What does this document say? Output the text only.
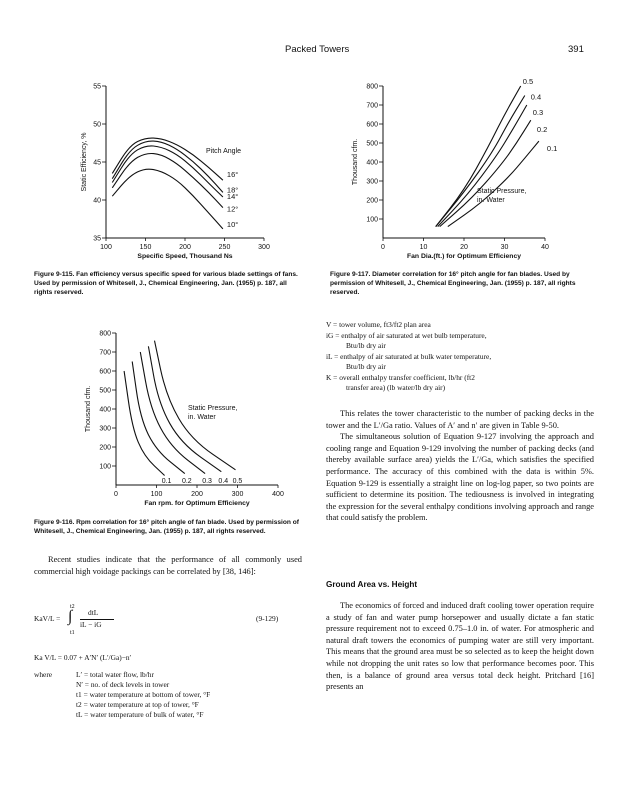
Packed Towers	391
35
40
45
50
55
100	150	200	250	300
Specific Speed, Thousand Ns
Static Efficiency, %	16°
18°
14°
12°
10°
Pitch Angle
Figure 9-115. Fan efficiency versus specific speed for various blade settings of fans. Used by permission of Whitesell, J., Chemical Engineering, Jan. (1955) p. 187, all rights reserved.
100
200
300
400
500
600
700
800
0	10	20	30	40
Fan Dia.(ft.) for Optimum Efficiency
Thousand cfm.
0.5
0.4
0.3
0.2
0.1
Static Pressure, in. Water
Figure 9-117. Diameter correlation for 16° pitch angle for fan blades. Used by permission of Whitesell, J., Chemical Engineering, Jan. (1955) p. 187, all rights reserved.
100
200
300
400
500
600
700
800
0	100	200	300	400
Fan rpm. for Optimum Efficiency
Thousand cfm.
0.1 0.2 0.3 0.4 0.5
Static Pressure, in. Water
Figure 9-116. Rpm correlation for 16° pitch angle of fan blade. Used by permission of Whitesell, J., Chemical Engineering, Jan. (1955) p. 187, all rights reserved.

Recent studies indicate that the performance of all commonly used commercial high voidage packings can be correlated by [38, 146]:

t2
KaV/L = ∫ dtL
iL − iG
t1
(9-129)
Ka V/L = 0.07 + A′N′ (L′/Ga)−n′
where	L′ = total water flow, lb/hr
N′ = no. of deck levels in tower
t1 = water temperature at bottom of tower, °F
t2 = water temperature at top of tower, °F
tL = water temperature of bulk of water, °F
V = tower volume, ft3/ft2 plan area
iG = enthalpy of air saturated at wet bulb temperature,
Btu/lb dry air
iL = enthalpy of air saturated at bulk water temperature,
Btu/lb dry air
K = overall enthalpy transfer coefficient, lb/hr (ft2
transfer area) (lb water/lb dry air)

This relates the tower characteristic to the number of packing decks in the tower and the L′/Ga ratio. Values of A′ and n′ are given in Table 9-50.

The simultaneous solution of Equation 9-127 involving the approach and cooling range and Equation 9-129 involving the number of packing decks (and thereby available surface area) yields the L′/Ga, which satisfies the specified performance. The accuracy of this combined with the data is within 5%. Equation 9-129 is essentially a straight line on log-log paper, so two points are sufficient to determine its position. The tediousness is involved in integrating the expression for the several enthalpy conditions involving approach and range that could satisfy the problem.

Ground Area vs. Height

The economics of forced and induced draft cooling tower operation require a study of fan and water pump horsepower and usually dictate a fan static pressure requirement not to exceed 0.75–1.0 in. of water. For atmospheric and natural draft towers the economics of pumping water are still very important. This means that the ground area must be so selected as to keep the height down while not dropping the unit rates so low that performance becomes poor. This then, is a balance of ground area versus total deck height. Pritchard [16] presents an
